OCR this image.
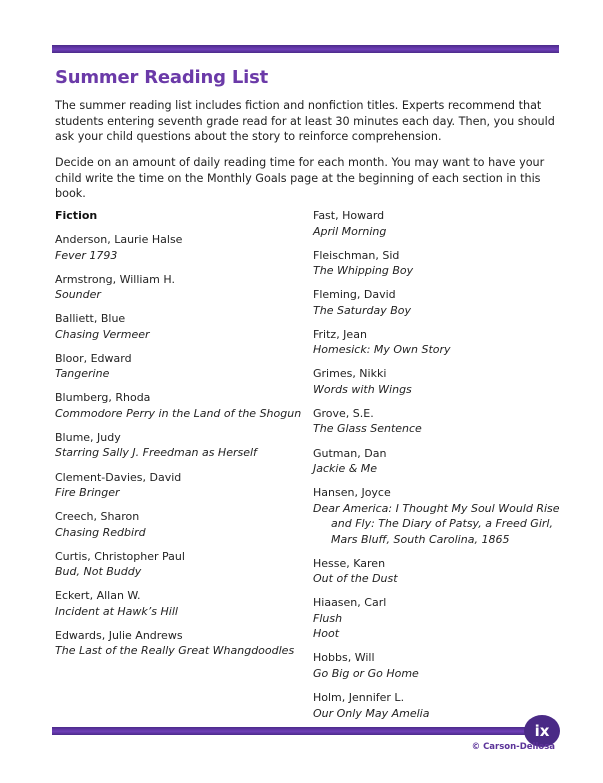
Summer Reading List
The summer reading list includes fiction and nonfiction titles. Experts recommend that students entering seventh grade read for at least 30 minutes each day. Then, you should ask your child questions about the story to reinforce comprehension.
Decide on an amount of daily reading time for each month. You may want to have your child write the time on the Monthly Goals page at the beginning of each section in this book.
Fiction
Anderson, Laurie Halse
Fever 1793
Armstrong, William H.
Sounder
Balliett, Blue
Chasing Vermeer
Bloor, Edward
Tangerine
Blumberg, Rhoda
Commodore Perry in the Land of the Shogun
Blume, Judy
Starring Sally J. Freedman as Herself
Clement-Davies, David
Fire Bringer
Creech, Sharon
Chasing Redbird
Curtis, Christopher Paul
Bud, Not Buddy
Eckert, Allan W.
Incident at Hawk’s Hill
Edwards, Julie Andrews
The Last of the Really Great Whangdoodles
Fast, Howard
April Morning
Fleischman, Sid
The Whipping Boy
Fleming, David
The Saturday Boy
Fritz, Jean
Homesick: My Own Story
Grimes, Nikki
Words with Wings
Grove, S.E.
The Glass Sentence
Gutman, Dan
Jackie & Me
Hansen, Joyce
Dear America: I Thought My Soul Would Rise and Fly: The Diary of Patsy, a Freed Girl, Mars Bluff, South Carolina, 1865
Hesse, Karen
Out of the Dust
Hiaasen, Carl
Flush
Hoot
Hobbs, Will
Go Big or Go Home
Holm, Jennifer L.
Our Only May Amelia
ix
© Carson-Dellosa
